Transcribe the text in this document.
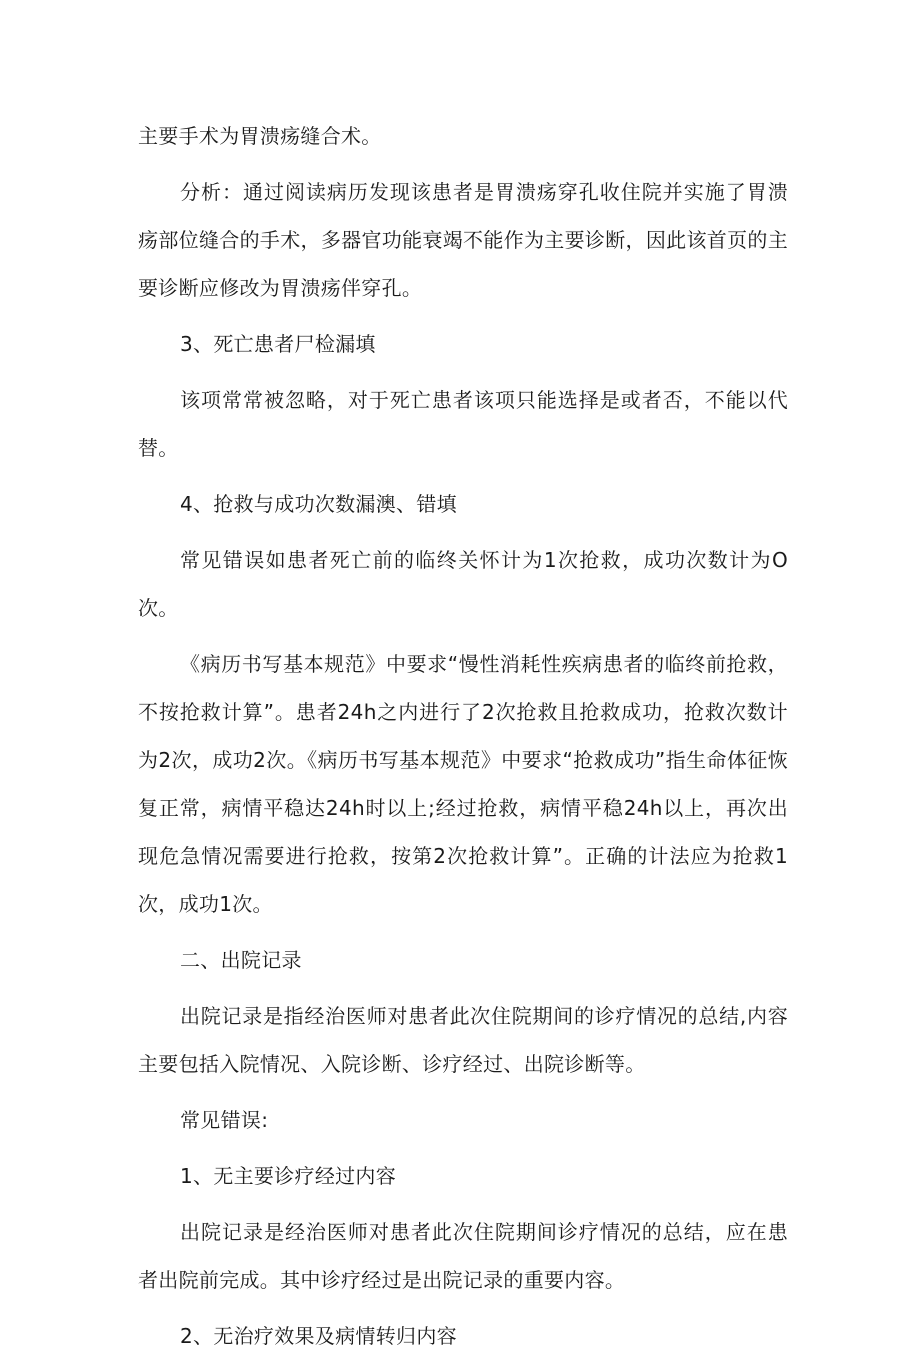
主要手术为胃溃疡缝合术。

分析：通过阅读病历发现该患者是胃溃疡穿孔收住院并实施了胃溃疡部位缝合的手术，多器官功能衰竭不能作为主要诊断，因此该首页的主要诊断应修改为胃溃疡伴穿孔。

3、死亡患者尸检漏填

该项常常被忽略，对于死亡患者该项只能选择是或者否，不能以代替。

4、抢救与成功次数漏澳、错填

常见错误如患者死亡前的临终关怀计为1次抢救，成功次数计为O次。

《病历书写基本规范》中要求“慢性消耗性疾病患者的临终前抢救，不按抢救计算”。患者24h之内进行了2次抢救且抢救成功，抢救次数计为2次，成功2次。《病历书写基本规范》中要求“抢救成功”指生命体征恢复正常，病情平稳达24h时以上;经过抢救，病情平稳24h以上，再次出现危急情况需要进行抢救，按第2次抢救计算”。正确的计法应为抢救1次，成功1次。

二、出院记录

出院记录是指经治医师对患者此次住院期间的诊疗情况的总结,内容主要包括入院情况、入院诊断、诊疗经过、出院诊断等。

常见错误:

1、无主要诊疗经过内容

出院记录是经治医师对患者此次住院期间诊疗情况的总结，应在患者出院前完成。其中诊疗经过是出院记录的重要内容。

2、无治疗效果及病情转归内容
